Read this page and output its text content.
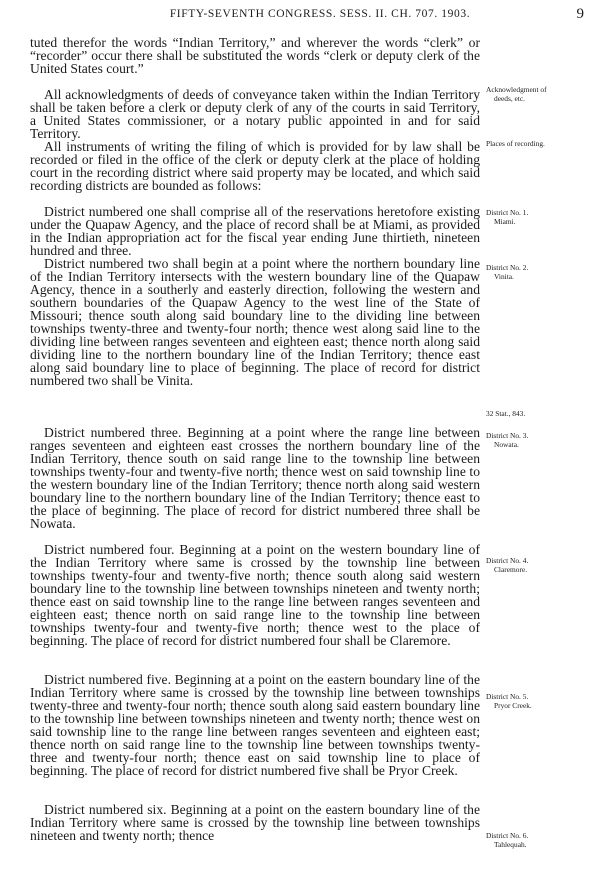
FIFTY-SEVENTH CONGRESS. SESS. II. CH. 707. 1903.	9

tuted therefor the words “Indian Territory,” and wherever the words “clerk” or “recorder” occur there shall be substituted the words “clerk or deputy clerk of the United States court.”

All acknowledgments of deeds of conveyance taken within the Indian Territory shall be taken before a clerk or deputy clerk of any of the courts in said Territory, a United States commissioner, or a notary public appointed in and for said Territory.

All instruments of writing the filing of which is provided for by law shall be recorded or filed in the office of the clerk or deputy clerk at the place of holding court in the recording district where said property may be located, and which said recording districts are bounded as follows:

District numbered one shall comprise all of the reservations heretofore existing under the Quapaw Agency, and the place of record shall be at Miami, as provided in the Indian appropriation act for the fiscal year ending June thirtieth, nineteen hundred and three.

District numbered two shall begin at a point where the northern boundary line of the Indian Territory intersects with the western boundary line of the Quapaw Agency, thence in a southerly and easterly direction, following the western and southern boundaries of the Quapaw Agency to the west line of the State of Missouri; thence south along said boundary line to the dividing line between townships twenty-three and twenty-four north; thence west along said line to the dividing line between ranges seventeen and eighteen east; thence north along said dividing line to the northern boundary line of the Indian Territory; thence east along said boundary line to place of beginning. The place of record for district numbered two shall be Vinita.

District numbered three. Beginning at a point where the range line between ranges seventeen and eighteen east crosses the northern boundary line of the Indian Territory, thence south on said range line to the township line between townships twenty-four and twenty-five north; thence west on said township line to the western boundary line of the Indian Territory; thence north along said western boundary line to the northern boundary line of the Indian Territory; thence east to the place of beginning. The place of record for district numbered three shall be Nowata.

District numbered four. Beginning at a point on the western boundary line of the Indian Territory where same is crossed by the township line between townships twenty-four and twenty-five north; thence south along said western boundary line to the township line between townships nineteen and twenty north; thence east on said township line to the range line between ranges seventeen and eighteen east; thence north on said range line to the township line between townships twenty-four and twenty-five north; thence west to the place of beginning. The place of record for district numbered four shall be Claremore.

District numbered five. Beginning at a point on the eastern boundary line of the Indian Territory where same is crossed by the township line between townships twenty-three and twenty-four north; thence south along said eastern boundary line to the township line between townships nineteen and twenty north; thence west on said township line to the range line between ranges seventeen and eighteen east; thence north on said range line to the township line between townships twenty-three and twenty-four north; thence east on said township line to place of beginning. The place of record for district numbered five shall be Pryor Creek.

District numbered six. Beginning at a point on the eastern boundary line of the Indian Territory where same is crossed by the township line between townships nineteen and twenty north; thence

Acknowledgment of
deeds, etc.
Places of recording.
District No. 1.
Miami.
District No. 2.
Vinita.
32 Stat., 843.
District No. 3.
Nowata.
District No. 4.
Claremore.
District No. 5.
Pryor Creek.
District No. 6.
Tahlequah.
